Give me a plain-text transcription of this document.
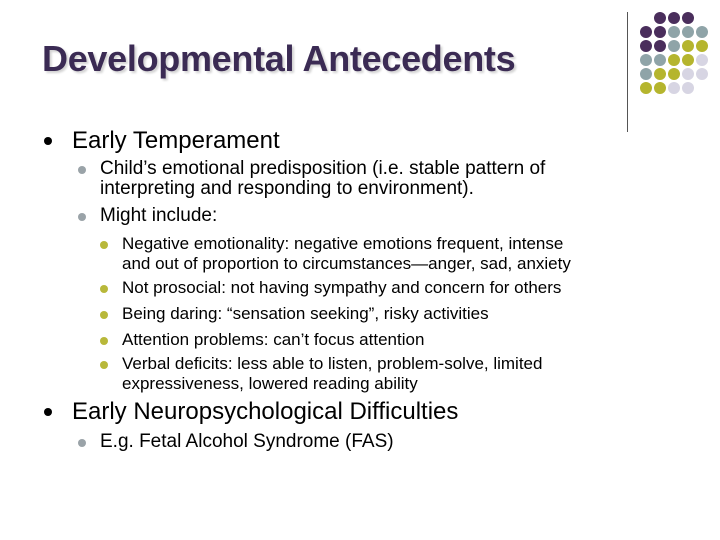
Developmental Antecedents
Early Temperament
Child’s emotional predisposition (i.e. stable pattern of
interpreting and responding to environment).
Might include:
Negative emotionality: negative emotions frequent, intense
and out of proportion to circumstances—anger, sad, anxiety
Not prosocial: not having sympathy and concern for others
Being daring: “sensation seeking”, risky activities
Attention problems: can’t focus attention
Verbal deficits: less able to listen, problem-solve, limited
expressiveness, lowered reading ability
Early Neuropsychological Difficulties
E.g. Fetal Alcohol Syndrome (FAS)
